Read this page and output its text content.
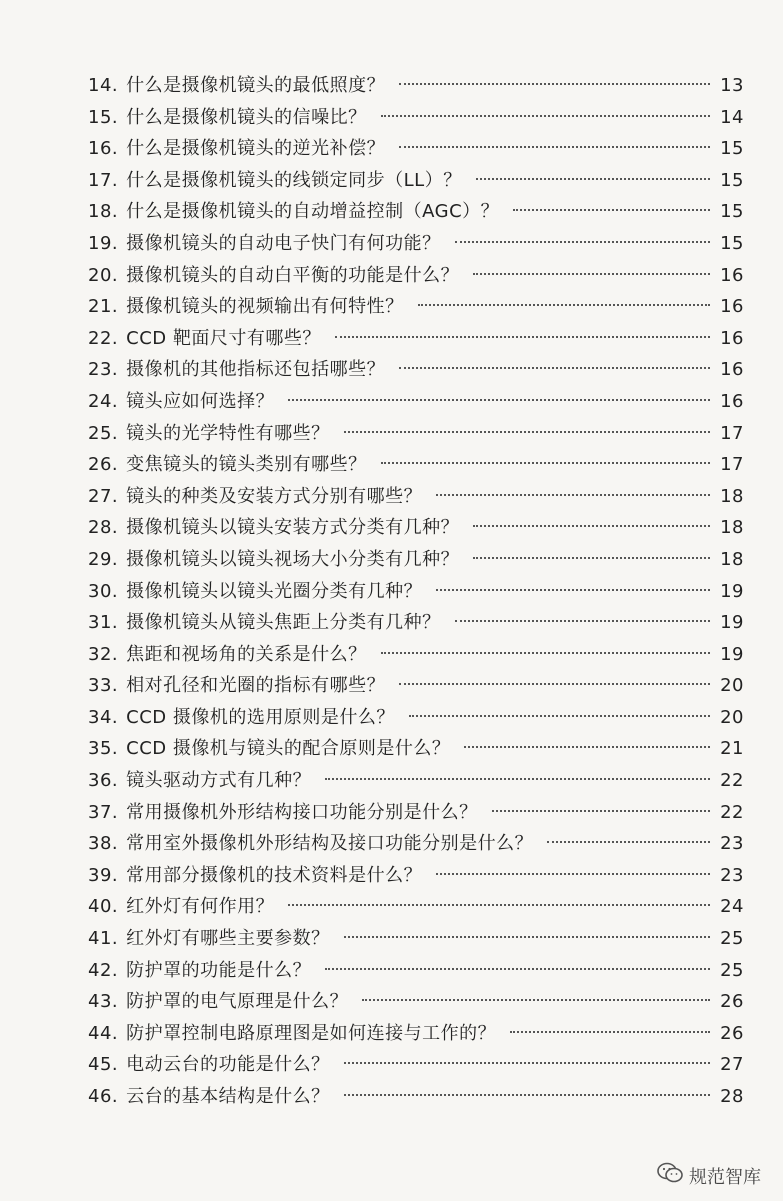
14. 什么是摄像机镜头的最低照度？	13
15. 什么是摄像机镜头的信噪比？	14
16. 什么是摄像机镜头的逆光补偿？	15
17. 什么是摄像机镜头的线锁定同步（LL）？	15
18. 什么是摄像机镜头的自动增益控制（AGC）？	15
19. 摄像机镜头的自动电子快门有何功能？	15
20. 摄像机镜头的自动白平衡的功能是什么？	16
21. 摄像机镜头的视频输出有何特性？	16
22. CCD 靶面尺寸有哪些？	16
23. 摄像机的其他指标还包括哪些？	16
24. 镜头应如何选择？	16
25. 镜头的光学特性有哪些？	17
26. 变焦镜头的镜头类别有哪些？	17
27. 镜头的种类及安装方式分别有哪些？	18
28. 摄像机镜头以镜头安装方式分类有几种？	18
29. 摄像机镜头以镜头视场大小分类有几种？	18
30. 摄像机镜头以镜头光圈分类有几种？	19
31. 摄像机镜头从镜头焦距上分类有几种？	19
32. 焦距和视场角的关系是什么？	19
33. 相对孔径和光圈的指标有哪些？	20
34. CCD 摄像机的选用原则是什么？	20
35. CCD 摄像机与镜头的配合原则是什么？	21
36. 镜头驱动方式有几种？	22
37. 常用摄像机外形结构接口功能分别是什么？	22
38. 常用室外摄像机外形结构及接口功能分别是什么？	23
39. 常用部分摄像机的技术资料是什么？	23
40. 红外灯有何作用？	24
41. 红外灯有哪些主要参数？	25
42. 防护罩的功能是什么？	25
43. 防护罩的电气原理是什么？	26
44. 防护罩控制电路原理图是如何连接与工作的？	26
45. 电动云台的功能是什么？	27
46. 云台的基本结构是什么？	28
规范智库
